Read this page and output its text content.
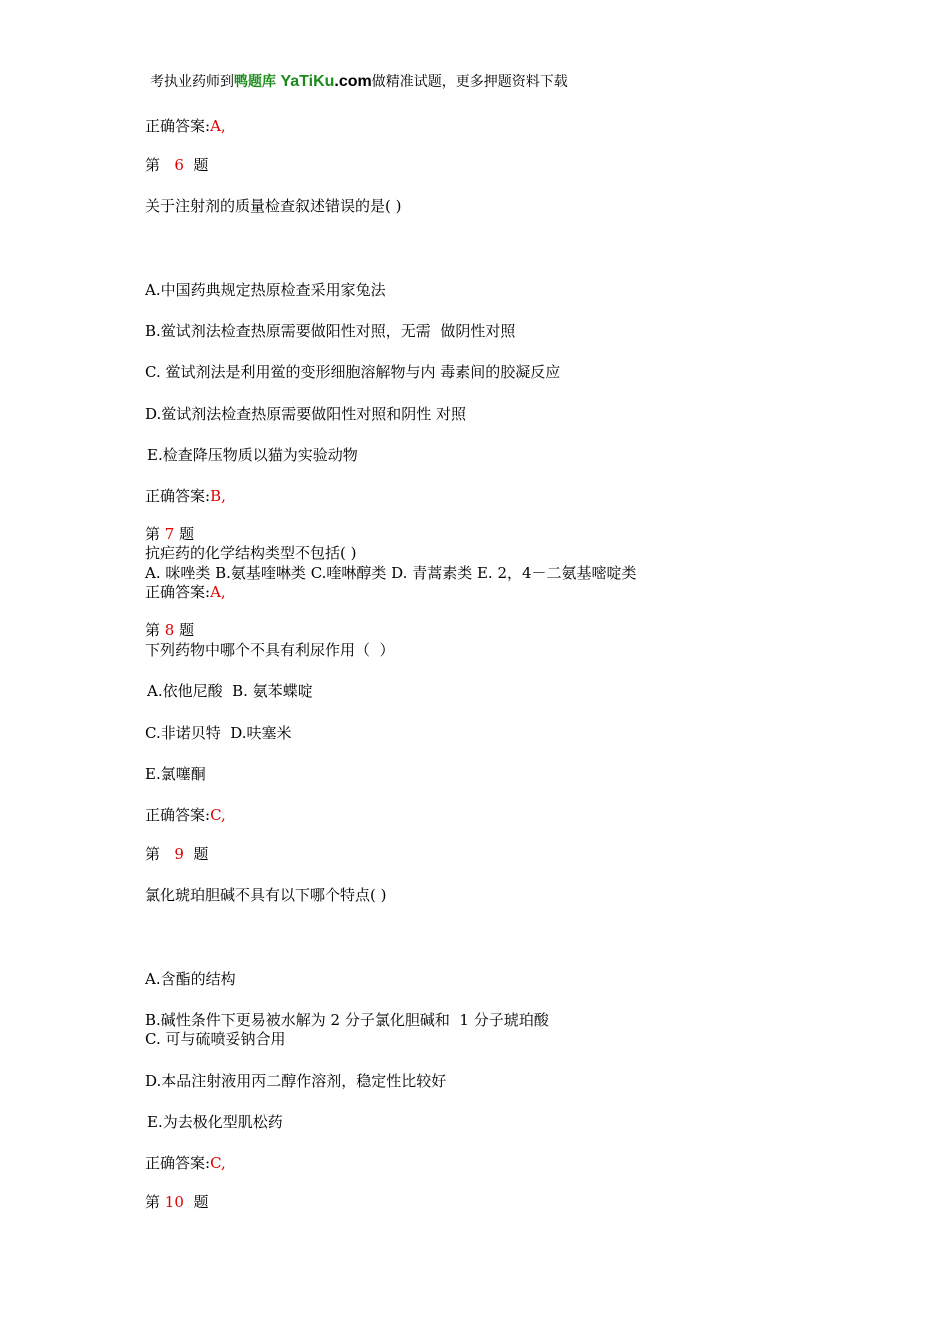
考执业药师到鸭题库 YaTiKu.com做精准试题，更多押题资料下载
正确答案:A,
第 6 题
关于注射剂的质量检查叙述错误的是( )
A.中国药典规定热原检查采用家兔法
B.鲎试剂法检查热原需要做阳性对照，无需  做阴性对照
C. 鲎试剂法是利用鲎的变形细胞溶解物与内 毒素间的胶凝反应
D.鲎试剂法检查热原需要做阳性对照和阴性 对照
E.检查降压物质以猫为实验动物
正确答案:B,
第 7 题
抗疟药的化学结构类型不包括( )
A. 咪唑类 B.氨基喹啉类 C.喹啉醇类 D. 青蒿素类 E. 2，4－二氨基嘧啶类
正确答案:A,
第 8 题
下列药物中哪个不具有利尿作用（  ）
A.依他尼酸  B. 氨苯蝶啶
C.非诺贝特  D.呋塞米
E.氯噻酮
正确答案:C,
第 9 题
氯化琥珀胆碱不具有以下哪个特点( )
A.含酯的结构
B.碱性条件下更易被水解为 2 分子氯化胆碱和  1 分子琥珀酸
C. 可与硫喷妥钠合用
D.本品注射液用丙二醇作溶剂，稳定性比较好
E.为去极化型肌松药
正确答案:C,
第 10 题
